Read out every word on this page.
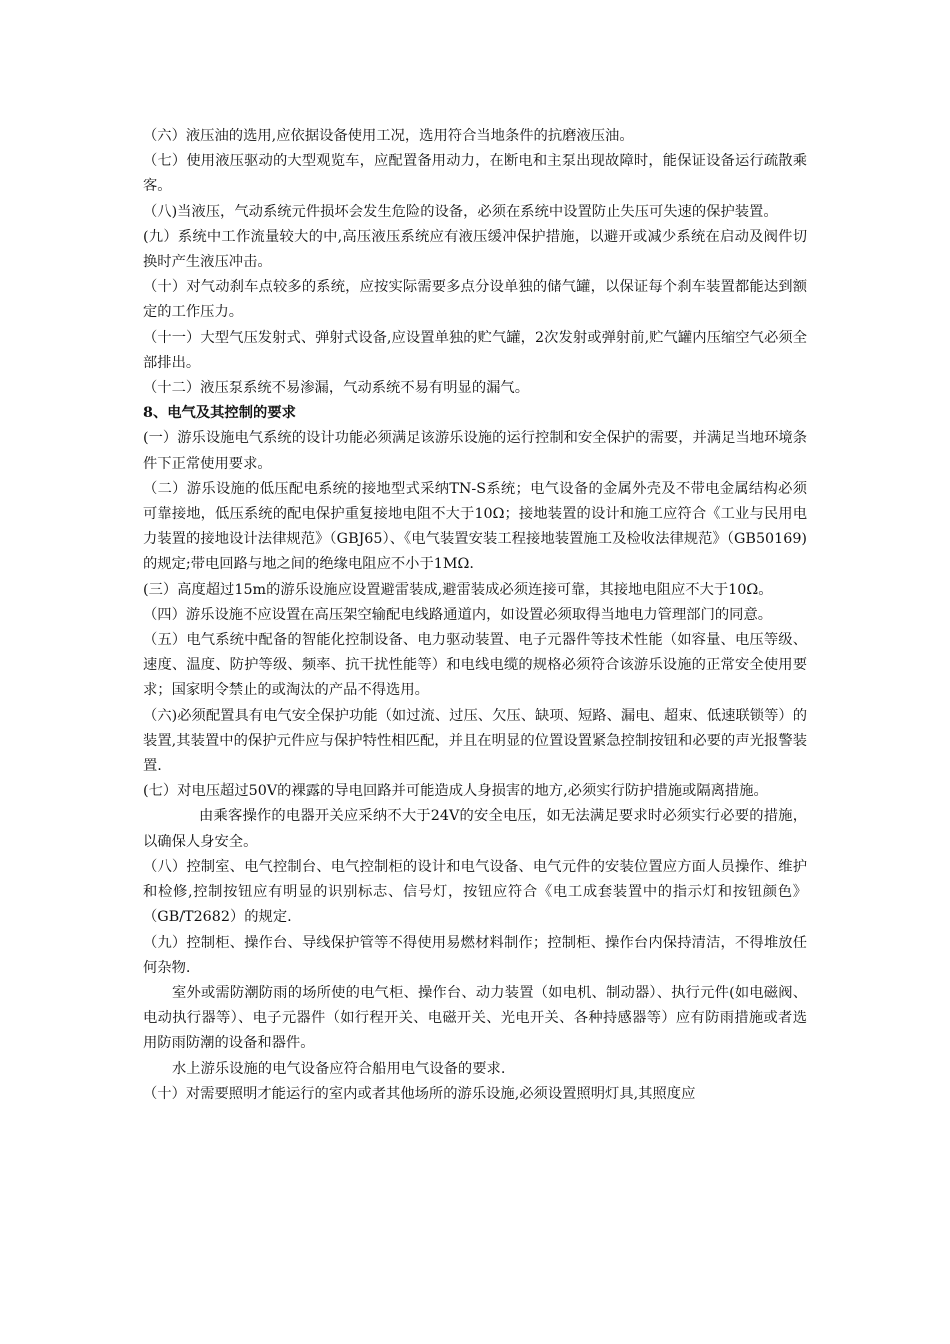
（六）液压油的选用,应依据设备使用工况，选用符合当地条件的抗磨液压油。

（七）使用液压驱动的大型观览车，应配置备用动力，在断电和主泵出现故障时，能保证设备运行疏散乘客。

（八)当液压，气动系统元件损坏会发生危险的设备，必须在系统中设置防止失压可失速的保护装置。

(九）系统中工作流量较大的中,高压液压系统应有液压缓冲保护措施，以避开或减少系统在启动及阀件切换时产生液压冲击。

（十）对气动刹车点较多的系统，应按实际需要多点分设单独的储气罐，以保证每个刹车装置都能达到额定的工作压力。

（十一）大型气压发射式、弹射式设备,应设置单独的贮气罐，2次发射或弹射前,贮气罐内压缩空气必须全部排出。

（十二）液压泵系统不易渗漏，气动系统不易有明显的漏气。

8、电气及其控制的要求

(一）游乐设施电气系统的设计功能必须满足该游乐设施的运行控制和安全保护的需要，并满足当地环境条件下正常使用要求。

（二）游乐设施的低压配电系统的接地型式采纳TN-S系统；电气设备的金属外壳及不带电金属结构必须可靠接地，低压系统的配电保护重复接地电阻不大于10Ω；接地装置的设计和施工应符合《工业与民用电力装置的接地设计法律规范》（GBJ65）、《电气装置安装工程接地装置施工及检收法律规范》（GB50169)的规定;带电回路与地之间的绝缘电阻应不小于1MΩ.

(三）高度超过15m的游乐设施应设置避雷装成,避雷装成必须连接可靠，其接地电阻应不大于10Ω。

（四）游乐设施不应设置在高压架空输配电线路通道内，如设置必须取得当地电力管理部门的同意。

（五）电气系统中配备的智能化控制设备、电力驱动装置、电子元器件等技术性能（如容量、电压等级、速度、温度、防护等级、频率、抗干扰性能等）和电线电缆的规格必须符合该游乐设施的正常安全使用要求；国家明令禁止的或淘汰的产品不得选用。

（六)必须配置具有电气安全保护功能（如过流、过压、欠压、缺项、短路、漏电、超束、低速联锁等）的装置,其装置中的保护元件应与保护特性相匹配，并且在明显的位置设置紧急控制按钮和必要的声光报警装置.

(七）对电压超过50V的裸露的导电回路并可能造成人身损害的地方,必须实行防护措施或隔离措施。

由乘客操作的电器开关应采纳不大于24V的安全电压，如无法满足要求时必须实行必要的措施，以确保人身安全。

（八）控制室、电气控制台、电气控制柜的设计和电气设备、电气元件的安装位置应方面人员操作、维护和检修,控制按钮应有明显的识别标志、信号灯，按钮应符合《电工成套装置中的指示灯和按钮颜色》（GB/T2682）的规定.

（九）控制柜、操作台、导线保护管等不得使用易燃材料制作；控制柜、操作台内保持清洁，不得堆放任何杂物.

室外或需防潮防雨的场所使的电气柜、操作台、动力装置（如电机、制动器）、执行元件(如电磁阀、电动执行器等）、电子元器件（如行程开关、电磁开关、光电开关、各种持感器等）应有防雨措施或者选用防雨防潮的设备和器件。

水上游乐设施的电气设备应符合船用电气设备的要求.

（十）对需要照明才能运行的室内或者其他场所的游乐设施,必须设置照明灯具,其照度应
